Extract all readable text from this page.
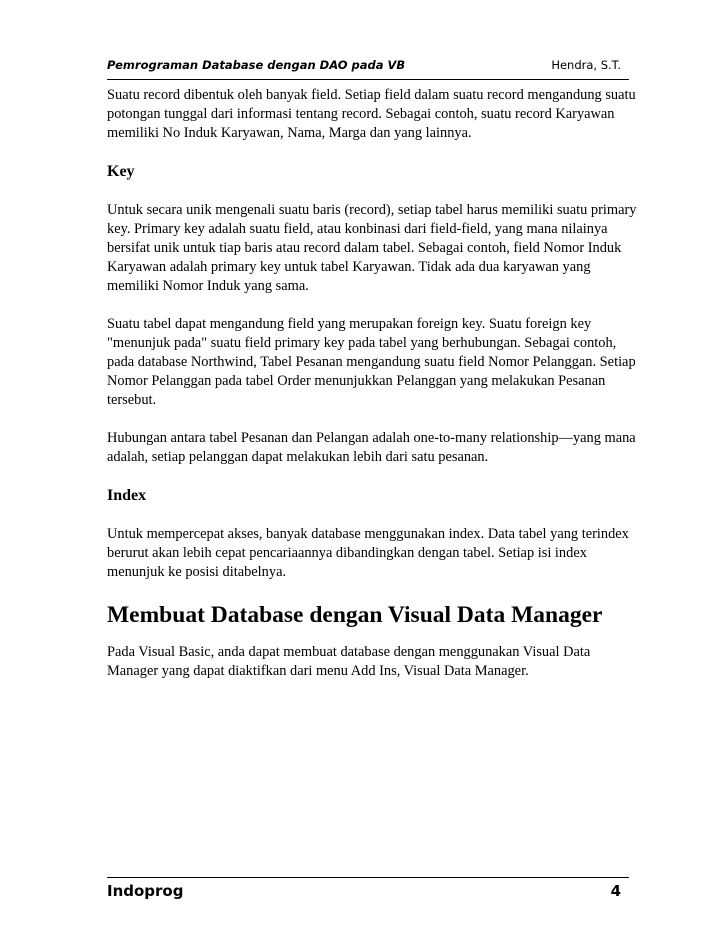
Pemrograman Database dengan DAO pada VB	Hendra, S.T.

Suatu record dibentuk oleh banyak field. Setiap field dalam suatu record mengandung suatu potongan tunggal dari informasi tentang record. Sebagai contoh, suatu record Karyawan memiliki No Induk Karyawan, Nama, Marga dan yang lainnya.

Key

Untuk secara unik mengenali suatu baris (record), setiap tabel harus memiliki suatu primary key. Primary key adalah suatu field, atau konbinasi dari field-field, yang mana nilainya bersifat unik untuk tiap baris atau record dalam tabel. Sebagai contoh, field Nomor Induk Karyawan adalah primary key untuk tabel Karyawan. Tidak ada dua karyawan yang memiliki Nomor Induk yang sama.

Suatu tabel dapat mengandung field yang merupakan foreign key. Suatu foreign key "menunjuk pada" suatu field primary key pada tabel yang berhubungan. Sebagai contoh, pada database Northwind, Tabel Pesanan mengandung suatu field Nomor Pelanggan. Setiap Nomor Pelanggan pada tabel Order menunjukkan Pelanggan yang melakukan Pesanan tersebut.

Hubungan antara tabel Pesanan dan Pelangan adalah one-to-many relationship—yang mana adalah, setiap pelanggan dapat melakukan lebih dari satu pesanan.

Index

Untuk mempercepat akses, banyak database menggunakan index. Data tabel yang terindex berurut akan lebih cepat pencariaannya dibandingkan dengan tabel. Setiap isi index menunjuk ke posisi ditabelnya.

Membuat Database dengan Visual Data Manager

Pada Visual Basic, anda dapat membuat database dengan menggunakan Visual Data Manager yang dapat diaktifkan dari menu Add Ins, Visual Data Manager.

Indoprog	4
